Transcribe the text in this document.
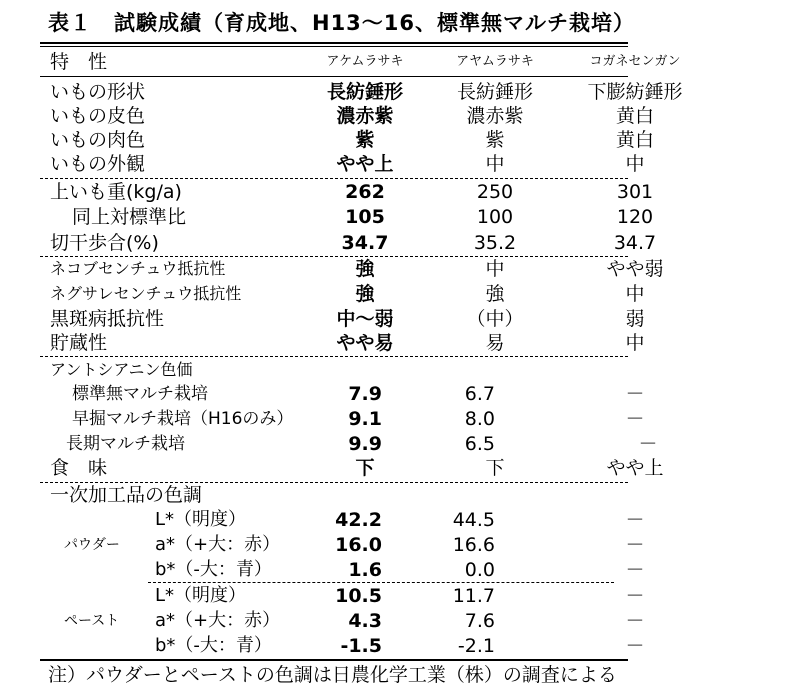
表１　試験成績（育成地、H13～16、標準無マルチ栽培）
特　性	アケムラサキ	アヤムラサキ	コガネセンガン
いもの形状	長紡錘形	長紡錘形	下膨紡錘形
いもの皮色	濃赤紫	濃赤紫	黄白
いもの肉色	紫	紫	黄白
いもの外観	やや上	中	中
上いも重(kg/a)	262	250	301
同上対標準比	105	100	120
切干歩合(%)	34.7	35.2	34.7
ネコブセンチュウ抵抗性	強	中	やや弱
ネグサレセンチュウ抵抗性	強	強	中
黒斑病抵抗性	中～弱	（中）	弱
貯蔵性	やや易	易	中
アントシアニン色価
標準無マルチ栽培	7.9	6.7	－
早掘マルチ栽培（H16のみ）	9.1	8.0	－
長期マルチ栽培	9.9	6.5	－
食　味	下	下	やや上
一次加工品の色調
L*（明度）	42.2	44.5	－
パウダー a*（+大：赤）	16.0	16.6	－
b*（-大：青）	1.6	0.0	－
L*（明度）	10.5	11.7	－
ペースト a*（+大：赤）	4.3	7.6	－
b*（-大：青）	-1.5	-2.1	－
注）パウダーとペーストの色調は日農化学工業（株）の調査による
